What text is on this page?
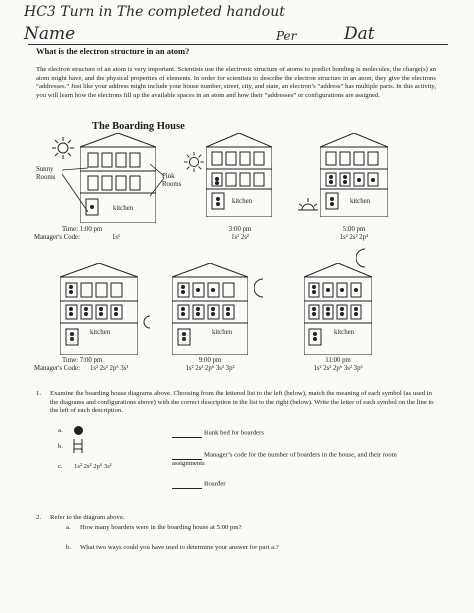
HC3 Turn in The completed handout
Name	Per	Dat
What is the electron structure in an atom?
The electron structure of an atom is very important. Scientists use the electronic structure of atoms to predict bonding is molecules, the charge(s) an atom might have, and the physical properties of elements. In order for scientists to describe the electron structure in an atom, they give the electrons “addresses.” Just like your address might include your house number, street, city, and state, an electron’s “address” has multiple parts. In this activity, you will learn how the electrons fill up the available spaces in an atom and how their “addresses” or configurations are assigned.
The Boarding House
Sunny Rooms	Pink Rooms
kitchen
kitchen	kitchen
Time: 1:00 pm
Manager's Code:	1s¹
3:00 pm
1s² 2s²
5:00 pm
1s² 2s² 2p⁴
kitchen	kitchen	kitchen
Time: 7:00 pm
Manager's Code: 1s² 2s² 2p⁶ 3s¹
9:00 pm
1s² 2s² 2p⁶ 3s² 3p²
11:00 pm
1s² 2s² 2p⁶ 3s² 3p³
1. Examine the boarding house diagrams above. Choosing from the lettered list to the left (below), match the meaning of each symbol (as used in the diagrams and configurations above) with the correct description in the list to the right (below). Write the letter of each symbol on the line to the left of each description.
a.
b.
c. 1s² 2s² 2p⁶ 3s¹
Bunk bed for boarders
Manager’s code for the number of boarders in the house, and their room assignments
Boarder
2. Refer to the diagram above.
a. How many boarders were in the boarding house at 5:00 pm?
b. What two ways could you have used to determine your answer for part a.?
